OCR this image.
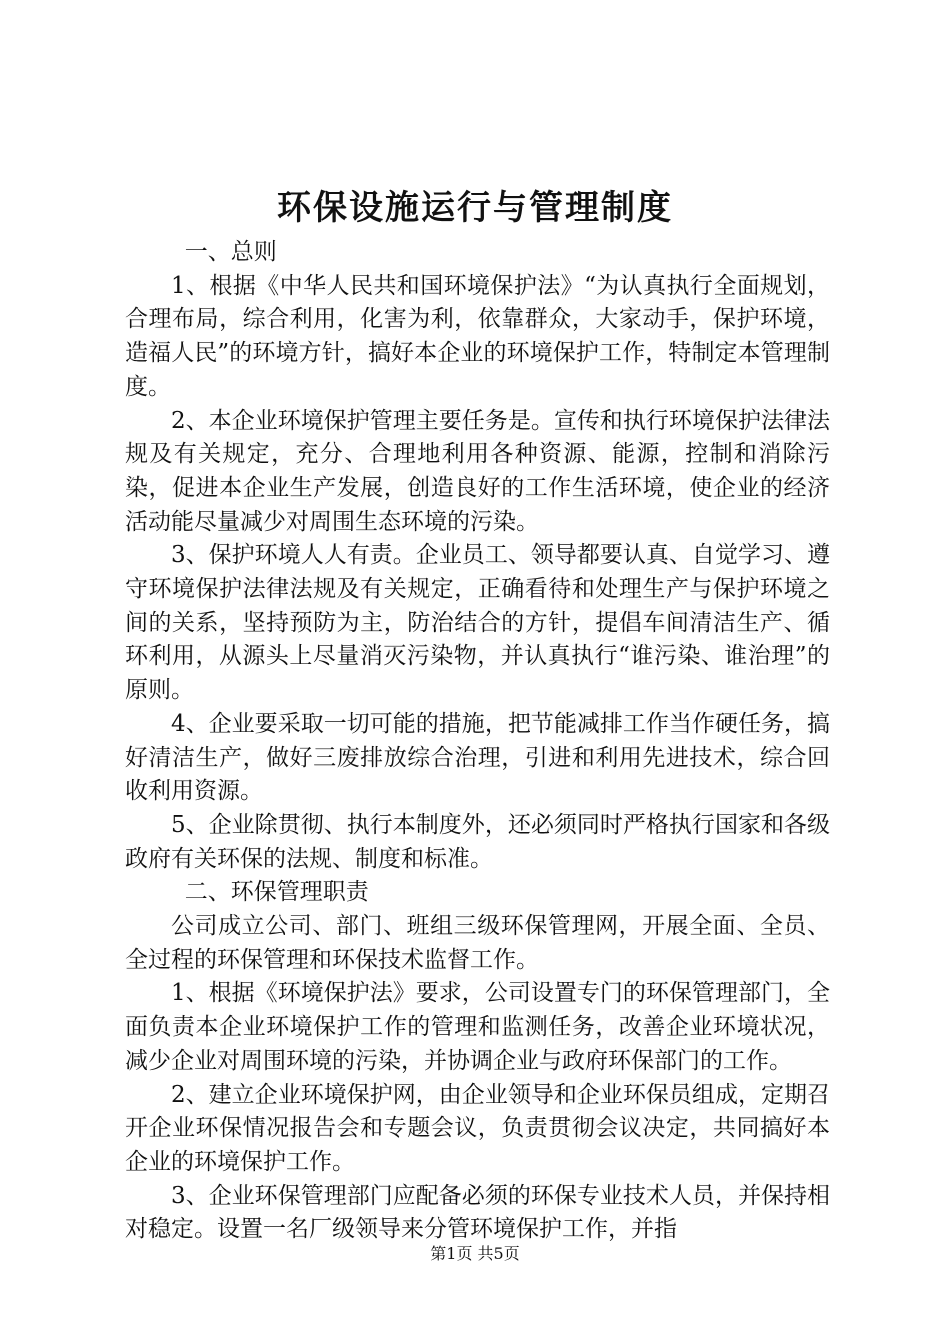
环保设施运行与管理制度

一、总则

1、根据《中华人民共和国环境保护法》“为认真执行全面规划，合理布局，综合利用，化害为利，依靠群众，大家动手，保护环境，造福人民”的环境方针，搞好本企业的环境保护工作，特制定本管理制度。

2、本企业环境保护管理主要任务是。宣传和执行环境保护法律法规及有关规定，充分、合理地利用各种资源、能源，控制和消除污染，促进本企业生产发展，创造良好的工作生活环境，使企业的经济活动能尽量减少对周围生态环境的污染。

3、保护环境人人有责。企业员工、领导都要认真、自觉学习、遵守环境保护法律法规及有关规定，正确看待和处理生产与保护环境之间的关系，坚持预防为主，防治结合的方针，提倡车间清洁生产、循环利用，从源头上尽量消灭污染物，并认真执行“谁污染、谁治理”的原则。

4、企业要采取一切可能的措施，把节能减排工作当作硬任务，搞好清洁生产，做好三废排放综合治理，引进和利用先进技术，综合回收利用资源。

5、企业除贯彻、执行本制度外，还必须同时严格执行国家和各级政府有关环保的法规、制度和标准。

二、环保管理职责

公司成立公司、部门、班组三级环保管理网，开展全面、全员、全过程的环保管理和环保技术监督工作。

1、根据《环境保护法》要求，公司设置专门的环保管理部门，全面负责本企业环境保护工作的管理和监测任务，改善企业环境状况，减少企业对周围环境的污染，并协调企业与政府环保部门的工作。

2、建立企业环境保护网，由企业领导和企业环保员组成，定期召开企业环保情况报告会和专题会议，负责贯彻会议决定，共同搞好本企业的环境保护工作。

3、企业环保管理部门应配备必须的环保专业技术人员，并保持相对稳定。设置一名厂级领导来分管环境保护工作，并指

第1页 共5页
